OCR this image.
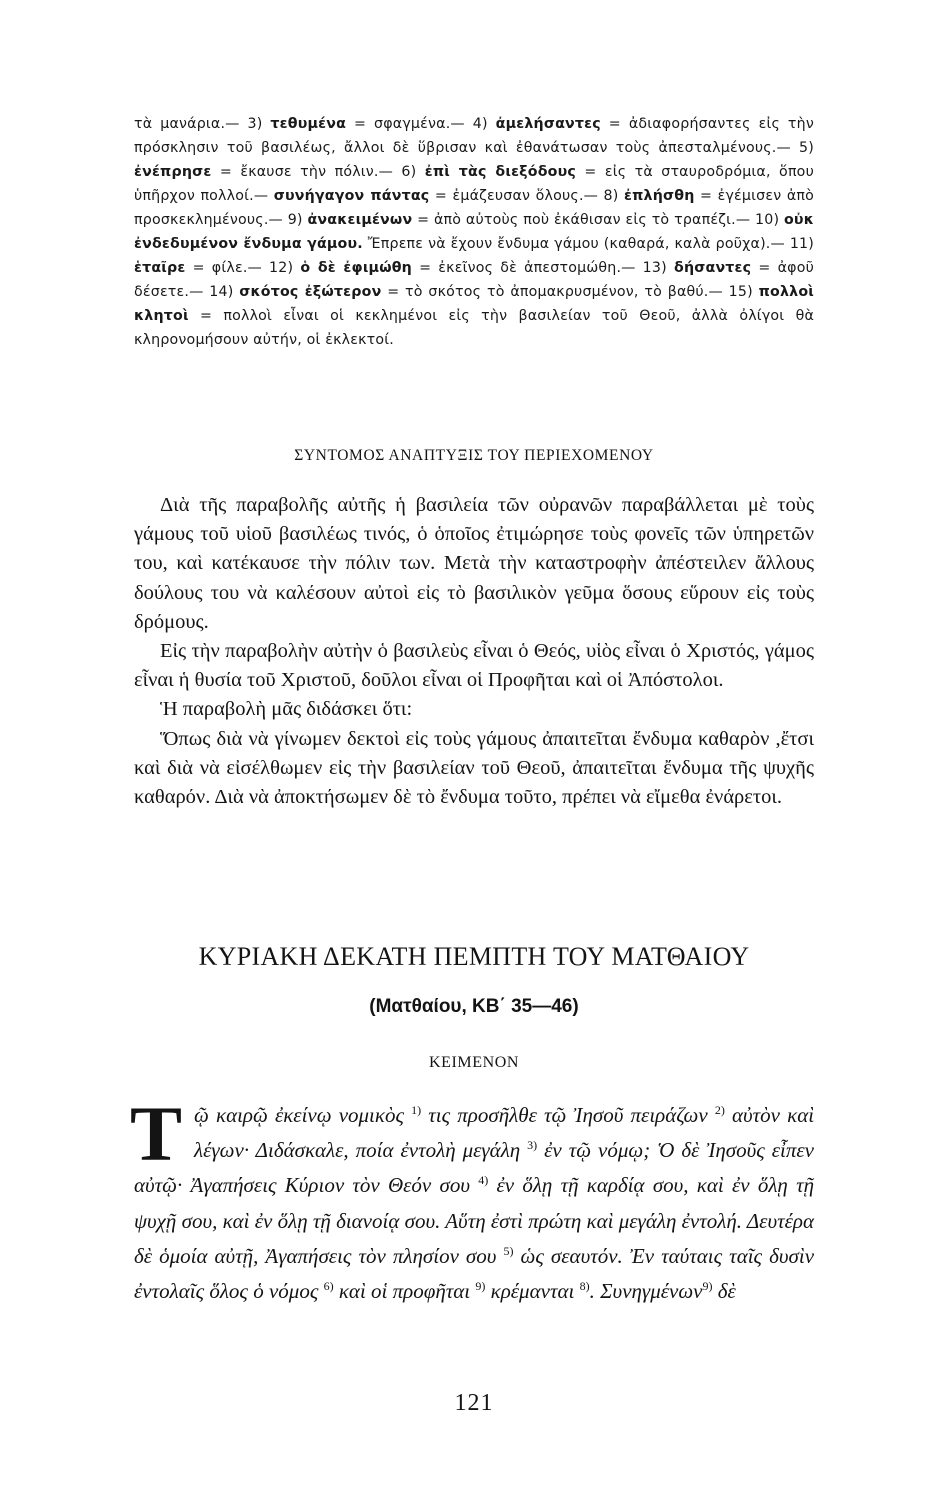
τὰ μανάρια.— 3) τεθυμένα = σφαγμένα.— 4) ἀμελήσαντες = ἀδιαφορήσαντες εἰς τὴν πρόσκλησιν τοῦ βασιλέως, ἄλλοι δὲ ὕβρισαν καὶ ἐθανάτωσαν τοὺς ἀπεσταλμένους.— 5) ἐνέπρησε = ἔκαυσε τὴν πόλιν.— 6) ἐπὶ τὰς διεξόδους = εἰς τὰ σταυροδρόμια, ὅπου ὑπῆρχον πολλοί.— συνήγαγον πάντας = ἐμάζευσαν ὅλους.— 8) ἐπλήσθη = ἐγέμισεν ἀπὸ προσκεκλημένους.— 9) ἀνακειμένων = ἀπὸ αὐτοὺς ποὺ ἐκάθισαν εἰς τὸ τραπέζι.— 10) οὐκ ἐνδεδυμένον ἔνδυμα γάμου. Ἔπρεπε νὰ ἔχουν ἔνδυμα γάμου (καθαρά, καλὰ ροῦχα).— 11) ἑταῖρε = φίλε.— 12) ὁ δὲ ἐφιμώθη = ἐκεῖνος δὲ ἀπεστομώθη.— 13) δήσαντες = ἀφοῦ δέσετε.— 14) σκότος ἐξώτερον = τὸ σκότος τὸ ἀπομακρυσμένον, τὸ βαθύ.— 15) πολλοὶ κλητοὶ = πολλοὶ εἶναι οἱ κεκλημένοι εἰς τὴν βασιλείαν τοῦ Θεοῦ, ἀλλὰ ὀλίγοι θὰ κληρονομήσουν αὐτήν, οἱ ἐκλεκτοί.
ΣΥΝΤΟΜΟΣ ΑΝΑΠΤΥΞΙΣ ΤΟΥ ΠΕΡΙΕΧΟΜΕΝΟΥ

Διὰ τῆς παραβολῆς αὐτῆς ἡ βασιλεία τῶν οὐρανῶν παραβάλλεται μὲ τοὺς γάμους τοῦ υἱοῦ βασιλέως τινός, ὁ ὁποῖος ἐτιμώρησε τοὺς φονεῖς τῶν ὑπηρετῶν του, καὶ κατέκαυσε τὴν πόλιν των. Μετὰ τὴν καταστροφὴν ἀπέστειλεν ἄλλους δούλους του νὰ καλέσουν αὐτοὶ εἰς τὸ βασιλικὸν γεῦμα ὅσους εὕρουν εἰς τοὺς δρόμους.

Εἰς τὴν παραβολὴν αὐτὴν ὁ βασιλεὺς εἶναι ὁ Θεός, υἱὸς εἶναι ὁ Χριστός, γάμος εἶναι ἡ θυσία τοῦ Χριστοῦ, δοῦλοι εἶναι οἱ Προφῆται καὶ οἱ Ἀπόστολοι.

Ἡ παραβολὴ μᾶς διδάσκει ὅτι:

Ὅπως διὰ νὰ γίνωμεν δεκτοὶ εἰς τοὺς γάμους ἀπαιτεῖται ἔνδυμα καθαρὸν ,ἔτσι καὶ διὰ νὰ εἰσέλθωμεν εἰς τὴν βασιλείαν τοῦ Θεοῦ, ἀπαιτεῖται ἔνδυμα τῆς ψυχῆς καθαρόν. Διὰ νὰ ἀποκτήσωμεν δὲ τὸ ἔνδυμα τοῦτο, πρέπει νὰ εἴμεθα ἐνάρετοι.

ΚΥΡΙΑΚΗ ΔΕΚΑΤΗ ΠΕΜΠΤΗ ΤΟΥ ΜΑΤΘΑΙΟΥ
(Ματθαίου, ΚΒ΄ 35—46)
ΚΕΙΜΕΝΟΝ
Τ ῷ καιρῷ ἐκείνῳ νομικὸς $^{1)}$ τις προσῆλθε τῷ Ἰησοῦ πειράζων $^{2)}$ αὐτὸν καὶ λέγων· Διδάσκαλε, ποία ἐντολὴ μεγάλη $^{3)}$ ἐν τῷ νόμῳ; Ὁ δὲ Ἰησοῦς εἶπεν αὐτῷ· Ἀγαπήσεις Κύριον τὸν Θεόν σου $^{4)}$ ἐν ὅλῃ τῇ καρδίᾳ σου, καὶ ἐν ὅλῃ τῇ ψυχῇ σου, καὶ ἐν ὅλῃ τῇ διανοίᾳ σου. Αὕτη ἐστὶ πρώτη καὶ μεγάλη ἐντολή. Δευτέρα δὲ ὁμοία αὐτῇ, Ἀγαπήσεις τὸν πλησίον σου $^{5)}$ ὡς σεαυτόν. Ἐν ταύταις ταῖς δυσὶν ἐντολαῖς ὅλος ὁ νόμος $^{6)}$ καὶ οἱ προφῆται $^{9)}$ κρέμανται $^{8)}$. Συνηγμένων$^{9)}$ δὲ
121
